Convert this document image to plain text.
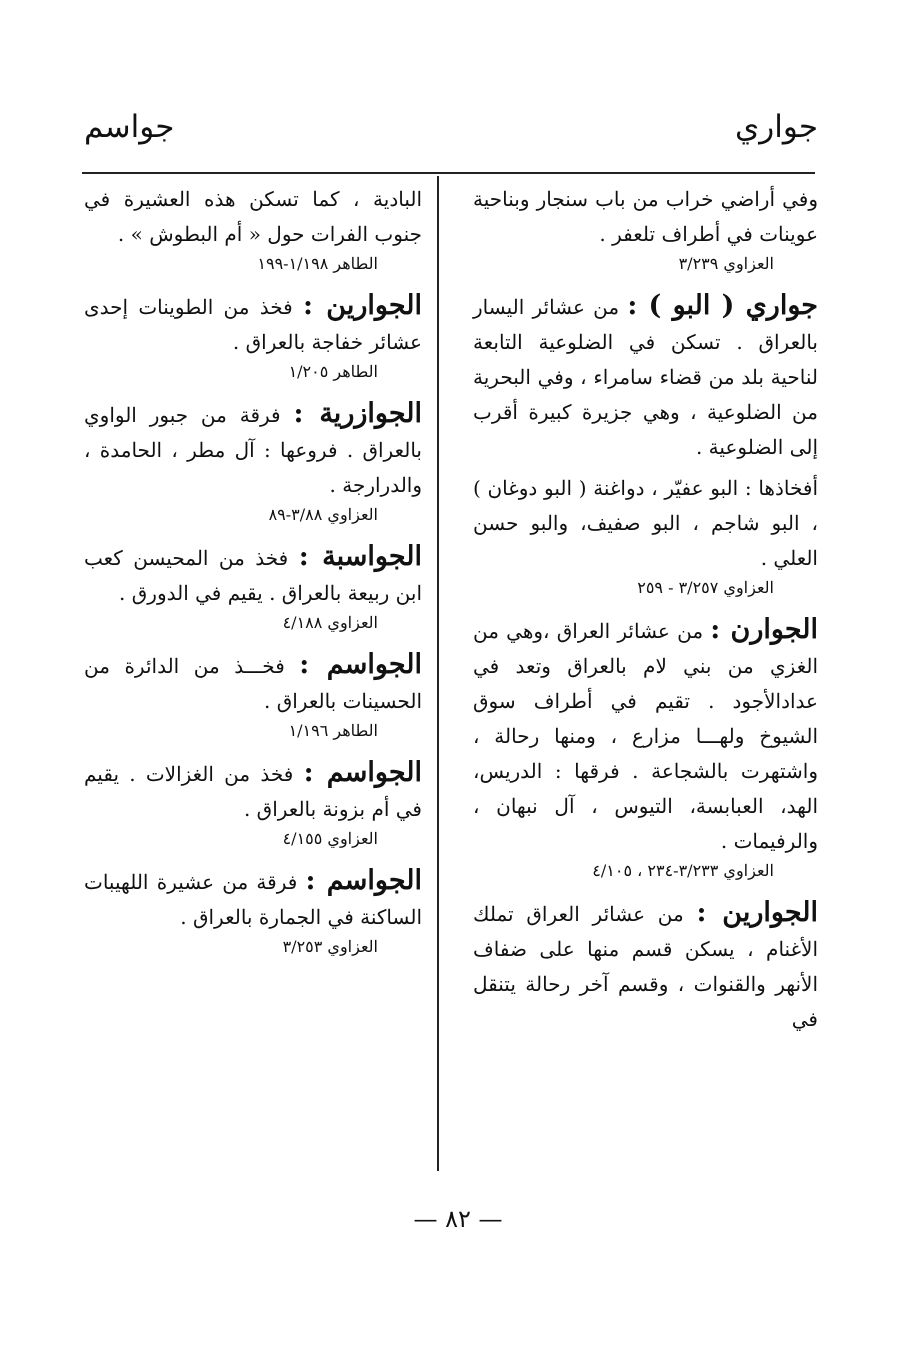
جواري
جواسم

وفي أراضي خراب من باب سنجار وبناحية عوينات في أطراف تلعفر .

العزاوي ٣/٢٣٩

جواري ( البو ) : من عشائر اليسار بالعراق . تسكن في الضلوعية التابعة لناحية بلد من قضاء سامراء ، وفي البحرية من الضلوعية ، وهي جزيرة كبيرة أقرب إلى الضلوعية .

أفخاذها : البو عفيّر ، دواغنة ( البو دوغان ) ، البو شاجم ، البو صفيف، والبو حسن العلي .

العزاوي ٣/٢٥٧ - ٢٥٩

الجوارن : من عشائر العراق ،وهي من الغزي من بني لام بالعراق وتعد في عدادالأجود . تقيم في أطراف سوق الشيوخ ولهـــا مزارع ، ومنها رحالة ، واشتهرت بالشجاعة . فرقها : الدريس، الهد، العبابسة، التيوس ، آل نبهان ، والرفيمات .

العزاوي ٣/٢٣٣-٢٣٤ ، ٤/١٠٥

الجوارين : من عشائر العراق تملك الأغنام ، يسكن قسم منها على ضفاف الأنهر والقنوات ، وقسم آخر رحالة يتنقل في

البادية ، كما تسكن هذه العشيرة في جنوب الفرات حول « أم البطوش » .

الطاهر ١/١٩٨-١٩٩

الجوارين : فخذ من الطوينات إحدى عشائر خفاجة بالعراق .

الطاهر ١/٢٠٥

الجوازرية : فرقة من جبور الواوي بالعراق . فروعها : آل مطر ، الحامدة ، والدرارجة .

العزاوي ٣/٨٨-٨٩

الجواسبة : فخذ من المحيسن كعب ابن ربيعة بالعراق . يقيم في الدورق .

العزاوي ٤/١٨٨

الجواسم : فخـــذ من الدائرة من الحسينات بالعراق .

الطاهر ١/١٩٦

الجواسم : فخذ من الغزالات . يقيم في أم بزونة بالعراق .

العزاوي ٤/١٥٥

الجواسم : فرقة من عشيرة اللهيبات الساكنة في الجمارة بالعراق .

العزاوي ٣/٢٥٣

— ٨٢ —
